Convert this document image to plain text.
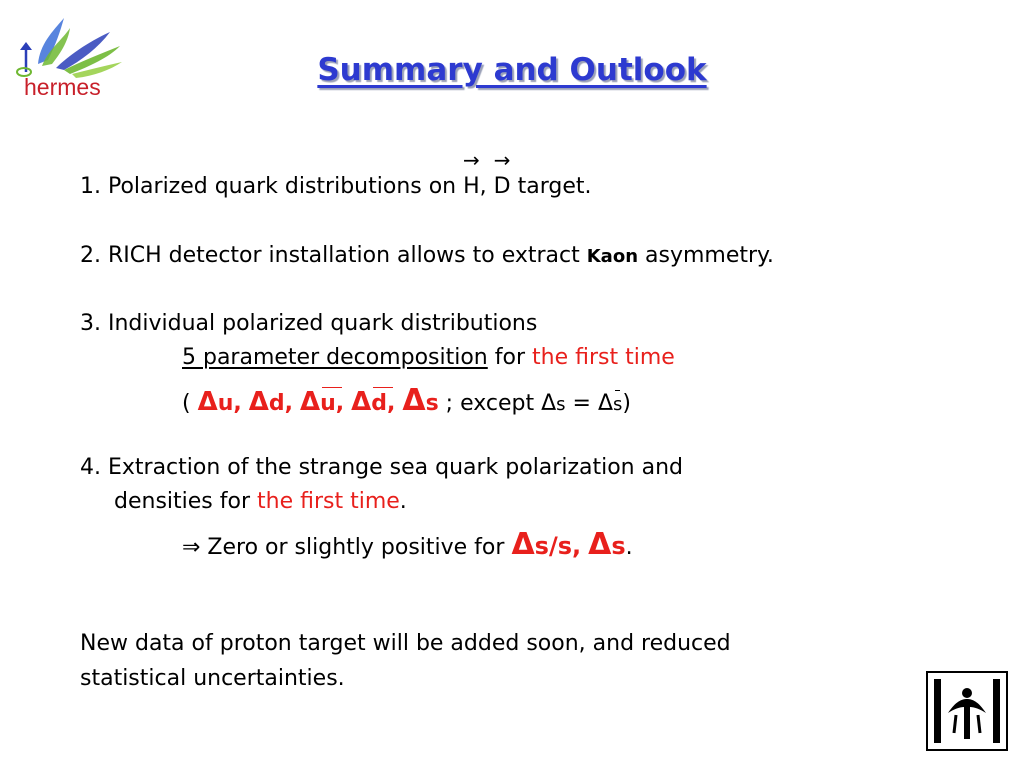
hermes	Summary and Outlook
1. Polarized quark distributions on
→
H,
→
D target.
2. RICH detector installation allows to extract Kaon asymmetry.
3. Individual polarized quark distributions
5 parameter decomposition for the first time
( Δu, Δd, Δu, Δd, Δs ; except Δs = Δs)
4. Extraction of the strange sea quark polarization and
densities for the first time.
⇒ Zero or slightly positive for Δs/s, Δs.
New data of proton target will be added soon, and reduced
statistical uncertainties.
